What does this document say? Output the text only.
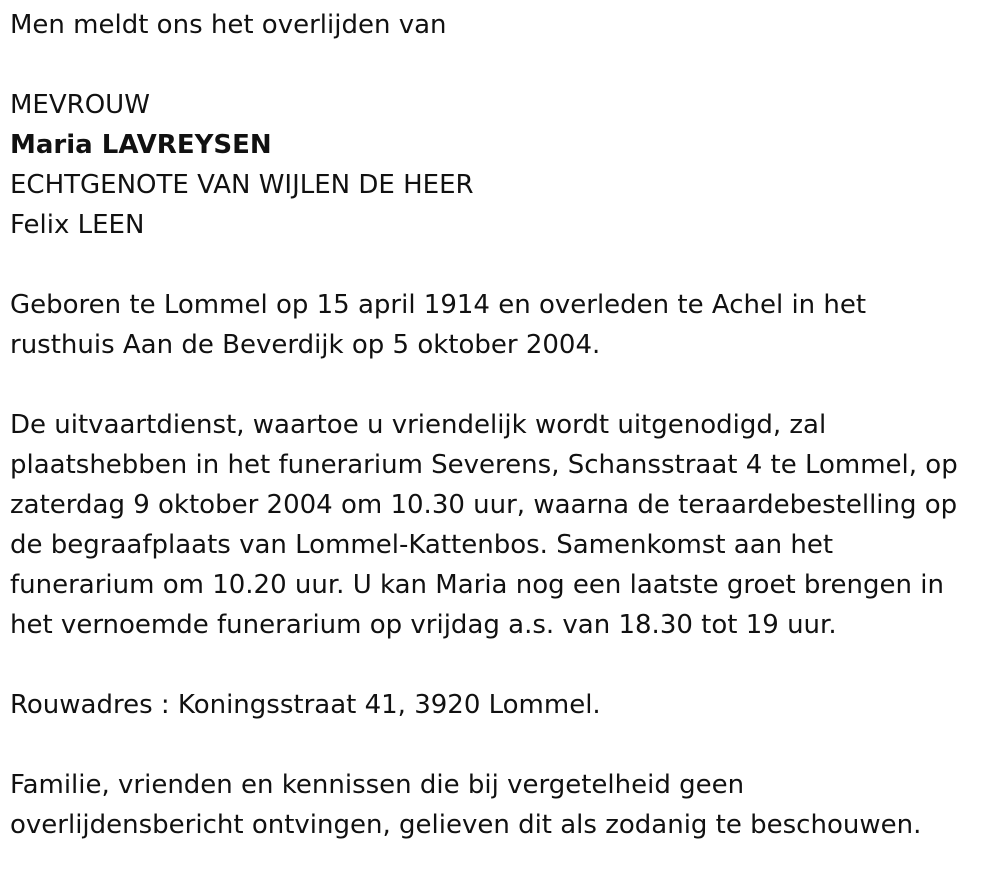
Men meldt ons het overlijden van
MEVROUW
Maria LAVREYSEN
ECHTGENOTE VAN WIJLEN DE HEER
Felix LEEN
Geboren te Lommel op 15 april 1914 en overleden te Achel in het
rusthuis Aan de Beverdijk op 5 oktober 2004.
De uitvaartdienst, waartoe u vriendelijk wordt uitgenodigd, zal
plaatshebben in het funerarium Severens, Schansstraat 4 te Lommel, op
zaterdag 9 oktober 2004 om 10.30 uur, waarna de teraardebestelling op
de begraafplaats van Lommel-Kattenbos. Samenkomst aan het
funerarium om 10.20 uur. U kan Maria nog een laatste groet brengen in
het vernoemde funerarium op vrijdag a.s. van 18.30 tot 19 uur.
Rouwadres : Koningsstraat 41, 3920 Lommel.
Familie, vrienden en kennissen die bij vergetelheid geen
overlijdensbericht ontvingen, gelieven dit als zodanig te beschouwen.
